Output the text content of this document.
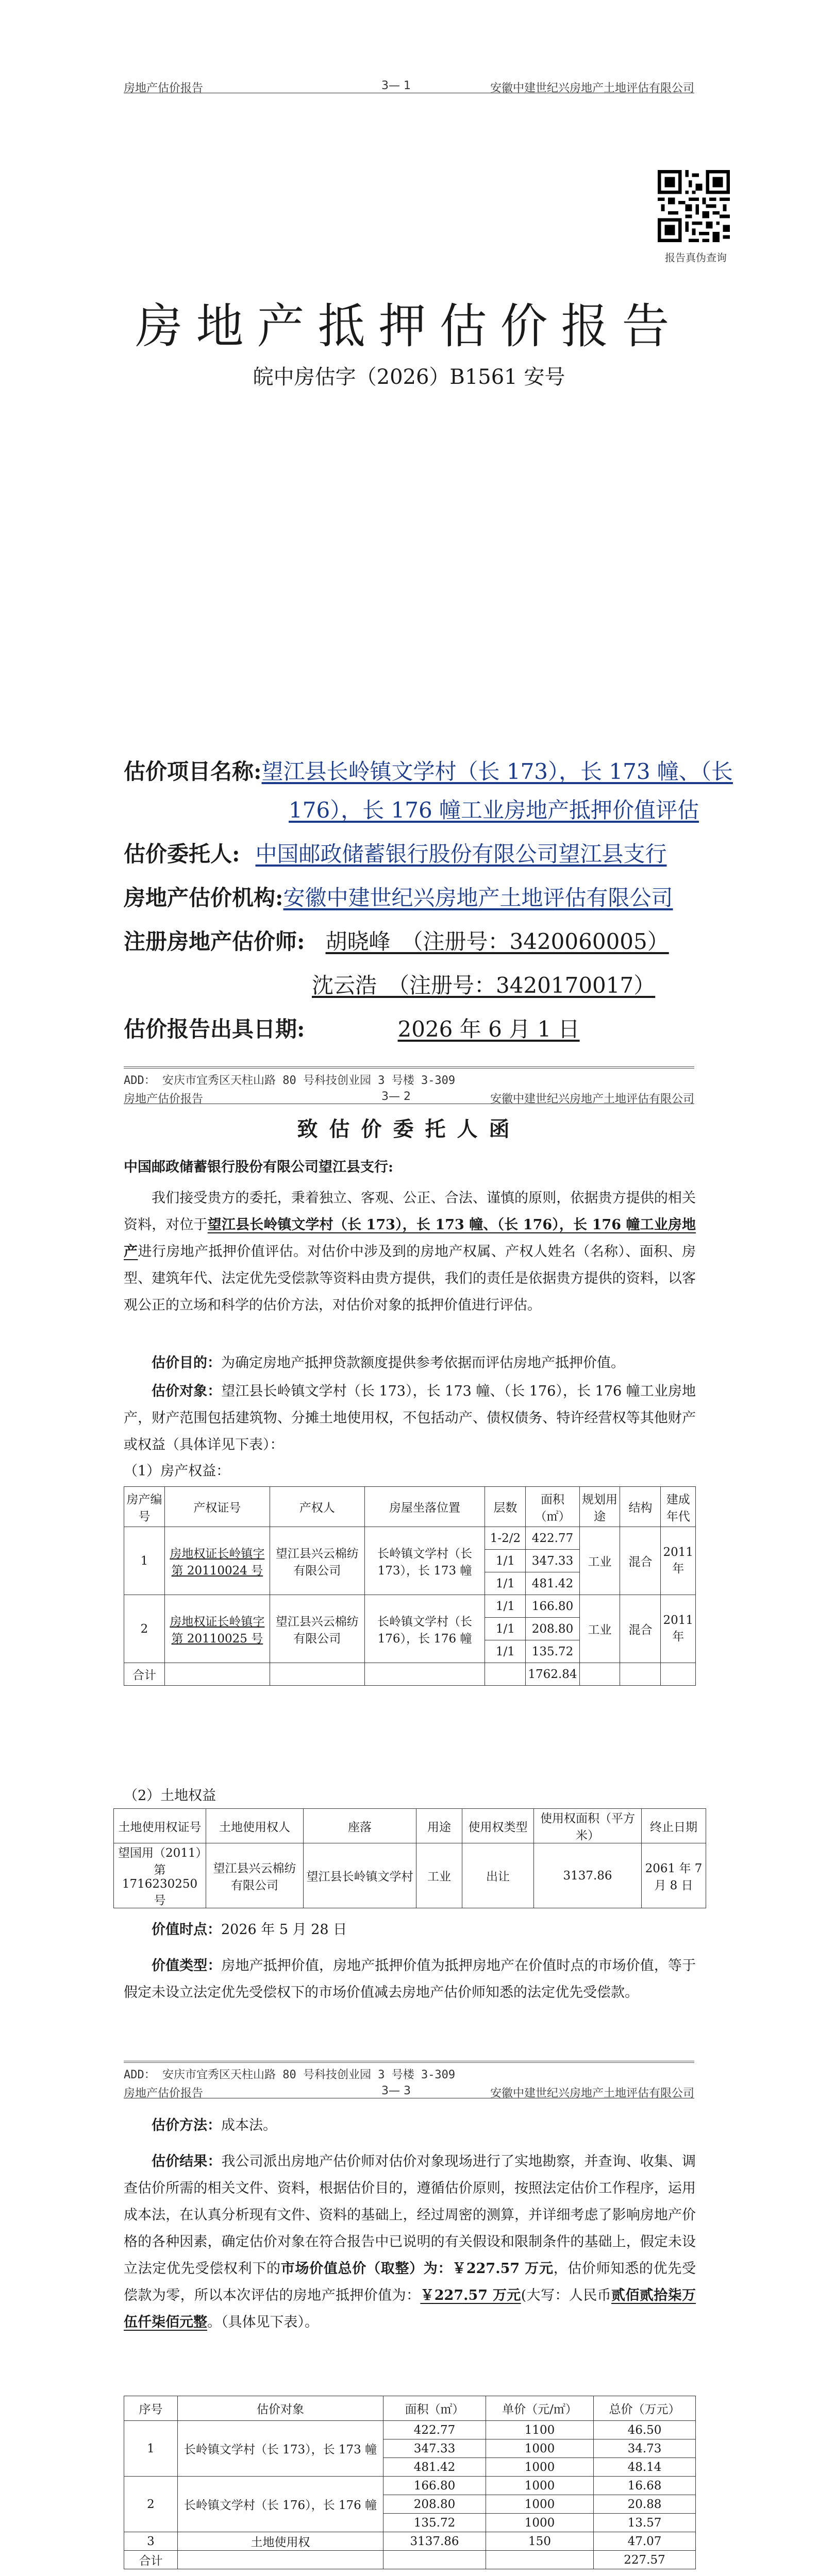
房地产估价报告	3— 1	安徽中建世纪兴房地产土地评估有限公司
报告真伪查询
房地产抵押估价报告
皖中房估字（2026）B1561 安号
估价项目名称:望江县长岭镇文学村（长 173），长 173 幢、（长
176），长 176 幢工业房地产抵押价值评估
估价委托人: 中国邮政储蓄银行股份有限公司望江县支行
房地产估价机构:安徽中建世纪兴房地产土地评估有限公司
注册房地产估价师: 胡晓峰　（注册号：3420060005）
沈云浩　（注册号：3420170017）
估价报告出具日期:	2026 年 6 月 1 日
ADD： 安庆市宜秀区天柱山路 80 号科技创业园 3 号楼 3-309
房地产估价报告	3— 2	安徽中建世纪兴房地产土地评估有限公司
致估价委托人函
中国邮政储蓄银行股份有限公司望江县支行:
我们接受贵方的委托，秉着独立、客观、公正、合法、谨慎的原则，依据贵方提供的相关资料，对位于望江县长岭镇文学村（长 173），长 173 幢、（长 176），长 176 幢工业房地产进行房地产抵押价值评估。对估价中涉及到的房地产权属、产权人姓名（名称）、面积、房型、建筑年代、法定优先受偿款等资料由贵方提供，我们的责任是依据贵方提供的资料，以客观公正的立场和科学的估价方法，对估价对象的抵押价值进行评估。
估价目的：为确定房地产抵押贷款额度提供参考依据而评估房地产抵押价值。
估价对象：望江县长岭镇文学村（长 173），长 173 幢、（长 176），长 176 幢工业房地产，财产范围包括建筑物、分摊土地使用权，不包括动产、债权债务、特许经营权等其他财产或权益（具体详见下表）：
（1）房产权益：
房产编号	产权证号	产权人	房屋坐落位置	层数	面积（㎡）	规划用途	结构	建成年代
1	房地权证长岭镇字第 20110024 号	望江县兴云棉纺有限公司	长岭镇文学村（长 173），长 173 幢	1-2/2	422.77	工业	混合	2011 年
				1/1	347.33			
				1/1	481.42			
2	房地权证长岭镇字第 20110025 号	望江县兴云棉纺有限公司	长岭镇文学村（长 176），长 176 幢	1/1	166.80	工业	混合	2011 年
				1/1	208.80			
				1/1	135.72			
合计					1762.84			
（2）土地权益
土地使用权证号	土地使用权人	座落	用途	使用权类型	使用权面积（平方米）	终止日期
望国用（2011）第 1716230250 号	望江县兴云棉纺有限公司	望江县长岭镇文学村	工业	出让	3137.86	2061 年 7 月 8 日
价值时点：2026 年 5 月 28 日
价值类型：房地产抵押价值，房地产抵押价值为抵押房地产在价值时点的市场价值，等于假定未设立法定优先受偿权下的市场价值减去房地产估价师知悉的法定优先受偿款。
ADD： 安庆市宜秀区天柱山路 80 号科技创业园 3 号楼 3-309
房地产估价报告	3— 3	安徽中建世纪兴房地产土地评估有限公司
估价方法：成本法。
估价结果：我公司派出房地产估价师对估价对象现场进行了实地勘察，并查询、收集、调查估价所需的相关文件、资料，根据估价目的，遵循估价原则，按照法定估价工作程序，运用成本法，在认真分析现有文件、资料的基础上，经过周密的测算，并详细考虑了影响房地产价格的各种因素，确定估价对象在符合报告中已说明的有关假设和限制条件的基础上，假定未设立法定优先受偿权利下的市场价值总价（取整）为：￥227.57 万元，估价师知悉的优先受偿款为零，所以本次评估的房地产抵押价值为：￥227.57 万元(大写：人民币贰佰贰拾柒万伍仟柒佰元整。（具体见下表）。
序号	估价对象	面积（㎡）	单价（元/㎡）	总价（万元）
1	长岭镇文学村（长 173），长 173 幢	422.77	1100	46.50
		347.33	1000	34.73
		481.42	1000	48.14
2	长岭镇文学村（长 176），长 176 幢	166.80	1000	16.68
		208.80	1000	20.88
		135.72	1000	13.57
3	土地使用权	3137.86	150	47.07
合计				227.57
